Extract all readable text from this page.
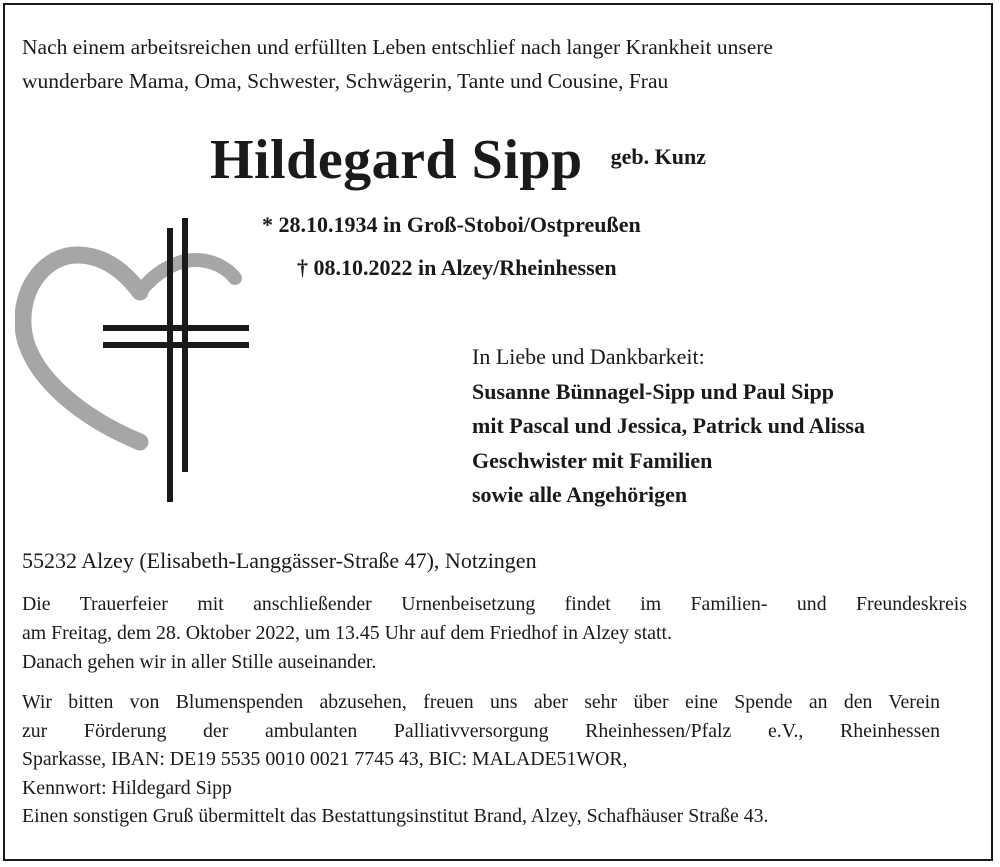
Nach einem arbeitsreichen und erfüllten Leben entschlief nach langer Krankheit unsere
wunderbare Mama, Oma, Schwester, Schwägerin, Tante und Cousine, Frau
Hildegard Sipp geb. Kunz
* 28.10.1934 in Groß-Stoboi/Ostpreußen
† 08.10.2022 in Alzey/Rheinhessen
In Liebe und Dankbarkeit:
Susanne Bünnagel-Sipp und Paul Sipp
mit Pascal und Jessica, Patrick und Alissa
Geschwister mit Familien
sowie alle Angehörigen
55232 Alzey (Elisabeth-Langgässer-Straße 47), Notzingen
Die Trauerfeier mit anschließender Urnenbeisetzung findet im Familien- und Freundeskreis
am Freitag, dem 28. Oktober 2022, um 13.45 Uhr auf dem Friedhof in Alzey statt.
Danach gehen wir in aller Stille auseinander.
Wir bitten von Blumenspenden abzusehen, freuen uns aber sehr über eine Spende an den Verein
zur Förderung der ambulanten Palliativversorgung Rheinhessen/Pfalz e.V., Rheinhessen
Sparkasse, IBAN: DE19 5535 0010 0021 7745 43, BIC: MALADE51WOR,
Kennwort: Hildegard Sipp
Einen sonstigen Gruß übermittelt das Bestattungsinstitut Brand, Alzey, Schafhäuser Straße 43.
